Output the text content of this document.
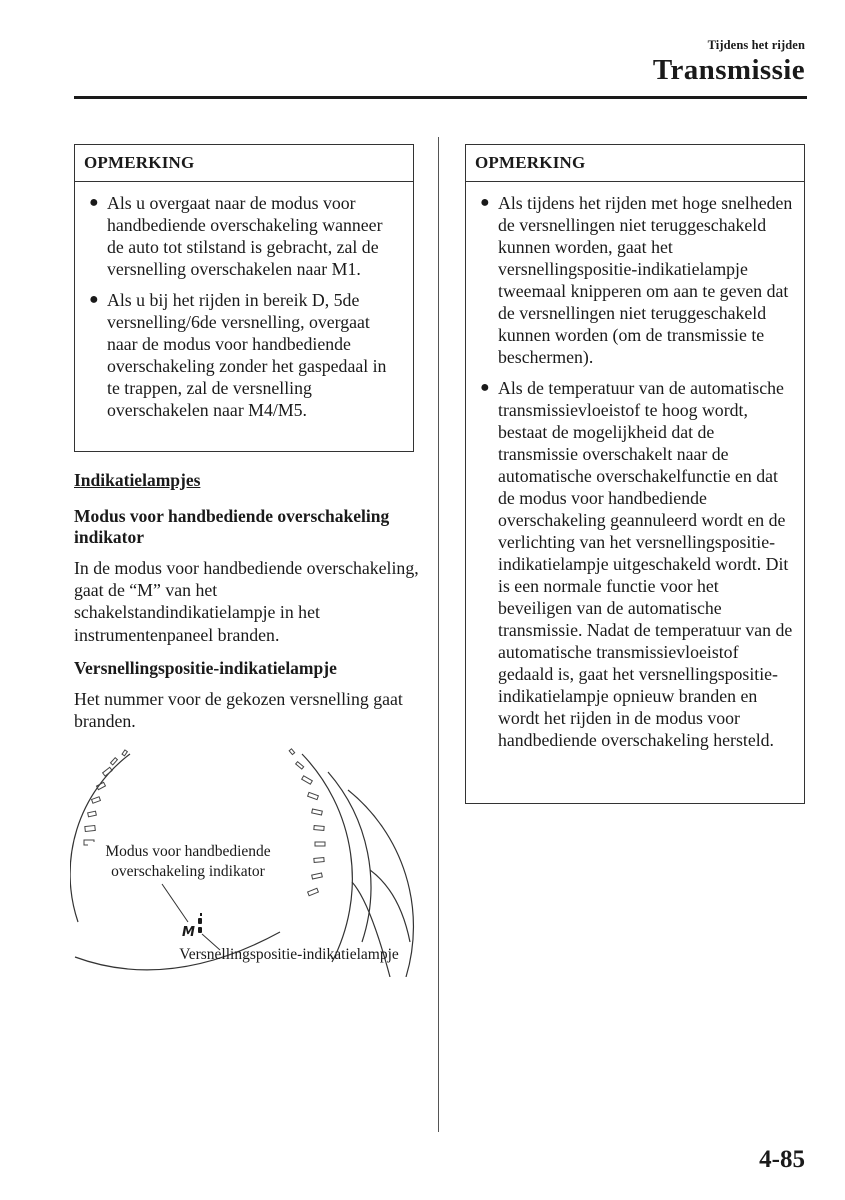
Tijdens het rijden
Transmissie
OPMERKING
● Als u overgaat naar de modus voor handbediende overschakeling wanneer de auto tot stilstand is gebracht, zal de versnelling overschakelen naar M1.
● Als u bij het rijden in bereik D, 5de versnelling/6de versnelling, overgaat naar de modus voor handbediende overschakeling zonder het gaspedaal in te trappen, zal de versnelling overschakelen naar M4/M5.
Indikatielampjes
Modus voor handbediende overschakeling indikator
In de modus voor handbediende overschakeling, gaat de “M” van het schakelstandindikatielampje in het instrumentenpaneel branden.
Versnellingspositie-indikatielampje
Het nummer voor de gekozen versnelling gaat branden.
M
Modus voor handbediende overschakeling indikator
Versnellingspositie-indikatielampje
OPMERKING
● Als tijdens het rijden met hoge snelheden de versnellingen niet teruggeschakeld kunnen worden, gaat het versnellingspositie-indikatielampje tweemaal knipperen om aan te geven dat de versnellingen niet teruggeschakeld kunnen worden (om de transmissie te beschermen).
● Als de temperatuur van de automatische transmissievloeistof te hoog wordt, bestaat de mogelijkheid dat de transmissie overschakelt naar de automatische overschakelfunctie en dat de modus voor handbediende overschakeling geannuleerd wordt en de verlichting van het versnellingspositie-indikatielampje uitgeschakeld wordt. Dit is een normale functie voor het beveiligen van de automatische transmissie. Nadat de temperatuur van de automatische transmissievloeistof gedaald is, gaat het versnellingspositie-indikatielampje opnieuw branden en wordt het rijden in de modus voor handbediende overschakeling hersteld.
4-85
